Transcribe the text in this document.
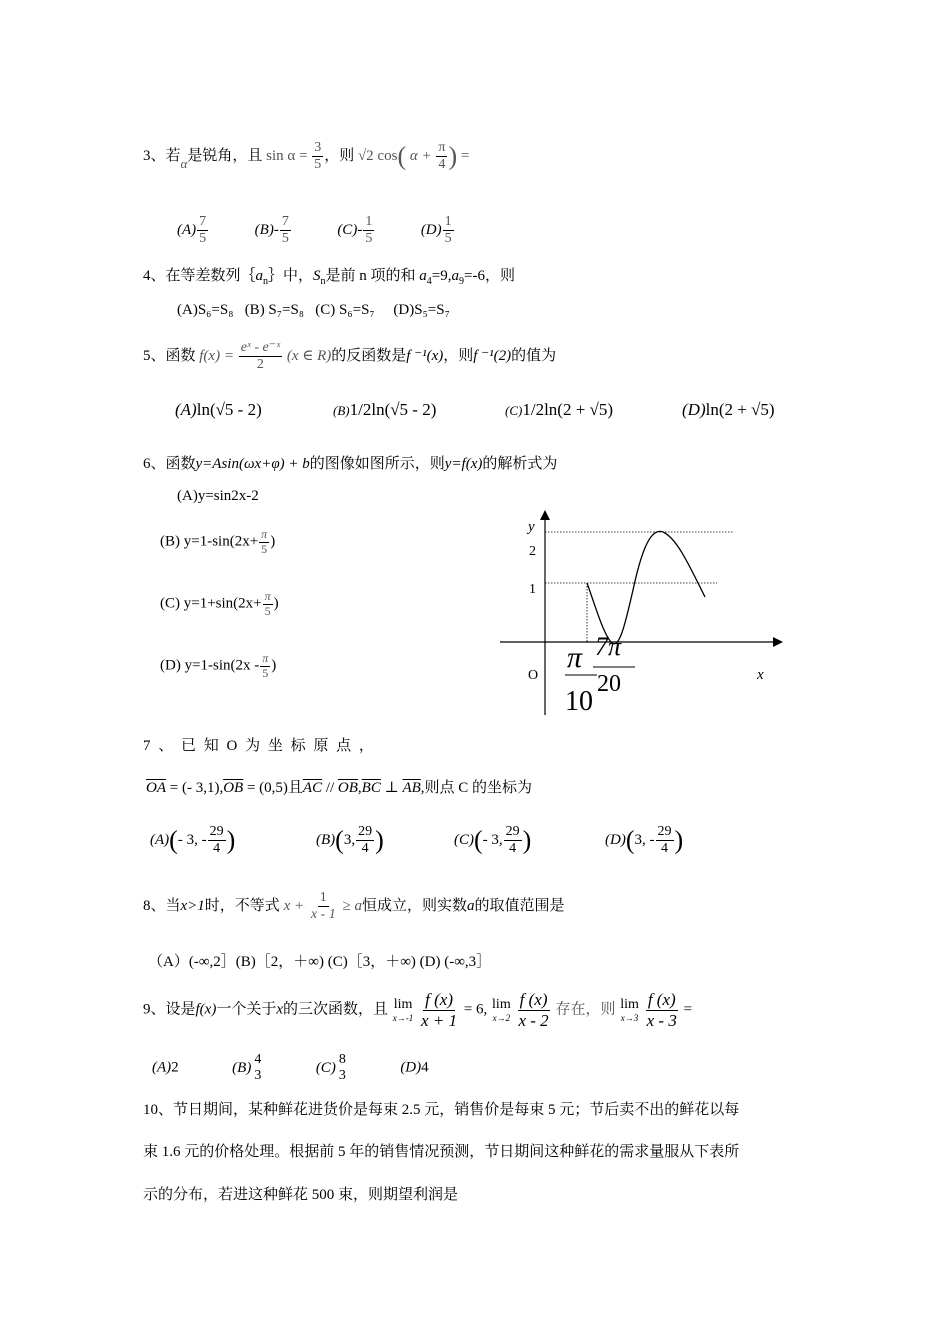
3、若α是锐角，且 $\sin \alpha = \frac{3}{5}$ ，则 √2 cos( $\alpha + \frac{\pi}{4}$ ) =
$(A) \frac{7}{5}$	$(B)- \frac{7}{5}$	$(C)- \frac{1}{5}$	$(D) \frac{1}{5}$
4、在等差数列$\{a_n\}$中，$S_n$是前 n 项的和 $a_4=9,a_9=-6$，则
(A)S₆=S₈ (B) S₇=S₈ (C) S₆=S₇ (D)S₅=S₇
5、函数 $f(x) = \frac{\text{eˣ - e⁻ˣ}}{2} (x$ ∈ R)的反函数是f ⁻¹(x)，则f ⁻¹(2)的值为
(A)ln(√5 - 2)	(B)1/2ln(√5 - 2)	(C)1/2ln(2 + √5)	(D)ln(2 + √5)
6、函数y=Asin(ωx+φ) + b的图像如图所示，则y=f(x)的解析式为
(A)y=sin2x-2
(B) $y=1-\sin(2x+ \frac{\pi}{5}$ )
(C) $y=1+\sin(2x+ \frac{\pi}{5}$ )
(D) $y=1-\sin(2x - \frac{\pi}{5}$ )
y
2
1
O	x
π
10
7π
20
7 、 已 知 O 为 坐 标 原 点 ，
$\overline{OA}$ = (- $3,1),\overline{OB} = (0,5)$且$\overline{AC} // \overline{OB},\overline{BC}$ ⊥ $\overline{AB}$,则点 C 的坐标为
(A)(- 3, - $\frac{29}{4}$ )	(B)(3, $\frac{29}{4}$ )	(C)(- 3, $\frac{29}{4}$ )	(D)(3, - $\frac{29}{4}$ )
8、当x>1时，不等式 $x + \frac{1}{x - 1} \ge a$恒成立，则实数a的取值范围是
（A）(-∞,2］(B)［2，＋∞) (C)［3，＋∞) (D) (-∞,3］
9、设是f(x)一个关于x的三次函数，且 lim
x→-1
$\frac{f (x)}{x + 1} = 6$, lim
x→2
$\frac{f (x)}{x - 2}$ 存在，则 lim
x→3
$\frac{f (x)}{x - 3}$ =
(A)2	(B)
4
3
(C)
8
3
(D)4
10、节日期间，某种鲜花进货价是每束 2.5 元，销售价是每束 5 元；节后卖不出的鲜花以每
束 1.6 元的价格处理。根据前 5 年的销售情况预测，节日期间这种鲜花的需求量服从下表所
示的分布，若进这种鲜花 500 束，则期望利润是
